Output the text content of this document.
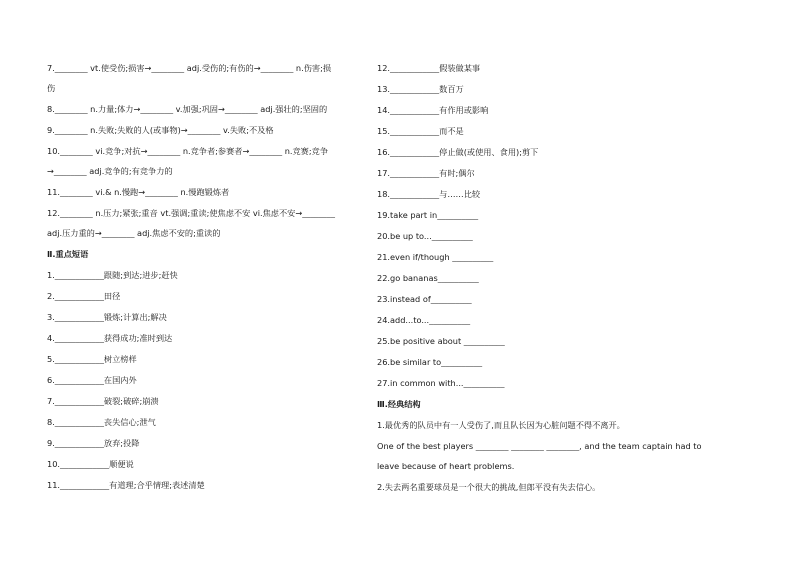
7.________ vt.使受伤;损害→________ adj.受伤的;有伤的→________ n.伤害;损
伤
8.________ n.力量;体力→________ v.加强;巩固→________ adj.强壮的;坚固的
9.________ n.失败;失败的人(或事物)→________ v.失败;不及格
10.________ vi.竞争;对抗→________ n.竞争者;参赛者→________ n.竞赛;竞争
→________ adj.竞争的;有竞争力的
11.________ vi.& n.慢跑→________ n.慢跑锻炼者
12.________ n.压力;紧张;重音 vt.强调;重读;使焦虑不安 vi.焦虑不安→________
adj.压力重的→________ adj.焦虑不安的;重读的
Ⅱ.重点短语
1.____________跟随;到达;进步;赶快
2.____________田径
3.____________锻炼;计算出;解决
4.____________获得成功;准时到达
5.____________树立榜样
6.____________在国内外
7.____________破裂;破碎;崩溃
8.____________丧失信心;泄气
9.____________放弃;投降
10.____________顺便说
11.____________有道理;合乎情理;表述清楚
12.____________假装做某事
13.____________数百万
14.____________有作用或影响
15.____________而不是
16.____________停止做(或使用、食用);剪下
17.____________有时;偶尔
18.____________与……比较
19.take part in__________
20.be up to...__________
21.even if/though __________
22.go bananas__________
23.instead of__________
24.add...to...__________
25.be positive about __________
26.be similar to__________
27.in common with...__________
Ⅲ.经典结构
1.最优秀的队员中有一人受伤了,而且队长因为心脏问题不得不离开。
One of the best players ________ ________ ________, and the team captain had to
leave because of heart problems.
2.失去两名重要球员是一个很大的挑战,但郎平没有失去信心。
